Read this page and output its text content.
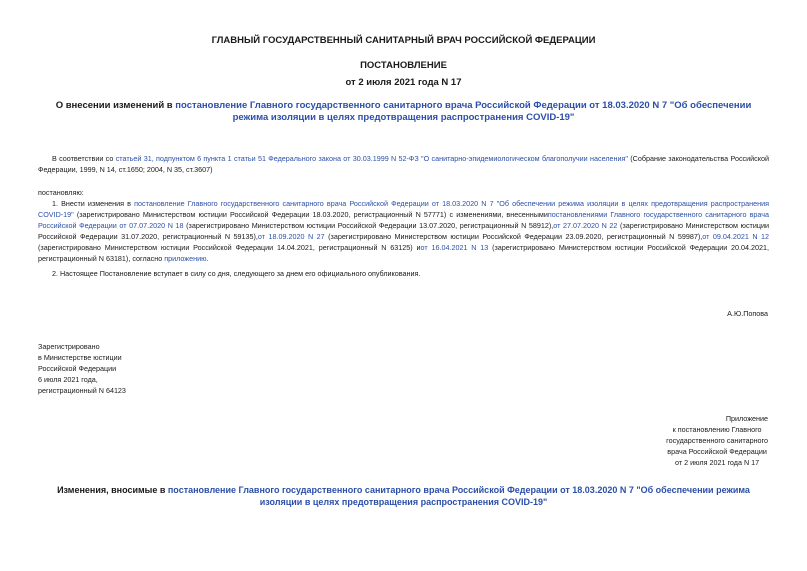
ГЛАВНЫЙ ГОСУДАРСТВЕННЫЙ САНИТАРНЫЙ ВРАЧ РОССИЙСКОЙ ФЕДЕРАЦИИ
ПОСТАНОВЛЕНИЕ
от 2 июля 2021 года N 17
О внесении изменений в постановление Главного государственного санитарного врача Российской Федерации от 18.03.2020 N 7 "Об обеспечении режима изоляции в целях предотвращения распространения COVID-19"
В соответствии со статьей 31, подпунктом 6 пункта 1 статьи 51 Федерального закона от 30.03.1999 N 52-ФЗ "О санитарно-эпидемиологическом благополучии населения" (Собрание законодательства Российской Федерации, 1999, N 14, ст.1650; 2004, N 35, ст.3607)
постановляю:
1. Внести изменения в постановление Главного государственного санитарного врача Российской Федерации от 18.03.2020 N 7 "Об обеспечении режима изоляции в целях предотвращения распространения COVID-19" (зарегистрировано Министерством юстиции Российской Федерации 18.03.2020, регистрационный N 57771) с изменениями, внесеннымипостановлениями Главного государственного санитарного врача Российской Федерации от 07.07.2020 N 18 (зарегистрировано Министерством юстиции Российской Федерации 13.07.2020, регистрационный N 58912),от 27.07.2020 N 22 (зарегистрировано Министерством юстиции Российской Федерации 31.07.2020, регистрационный N 59135),от 18.09.2020 N 27 (зарегистрировано Министерством юстиции Российской Федерации 23.09.2020, регистрационный N 59987),от 09.04.2021 N 12 (зарегистрировано Министерством юстиции Российской Федерации 14.04.2021, регистрационный N 63125) иот 16.04.2021 N 13 (зарегистрировано Министерством юстиции Российской Федерации 20.04.2021, регистрационный N 63181), согласно приложению.
2. Настоящее Постановление вступает в силу со дня, следующего за днем его официального опубликования.
А.Ю.Попова
Зарегистрировано
в Министерстве юстиции
Российской Федерации
6 июля 2021 года,
регистрационный N 64123
Приложение
к постановлению Главного
государственного санитарного
врача Российской Федерации
от 2 июля 2021 года N 17
Изменения, вносимые в постановление Главного государственного санитарного врача Российской Федерации от 18.03.2020 N 7 "Об обеспечении режима изоляции в целях предотвращения распространения COVID-19"
